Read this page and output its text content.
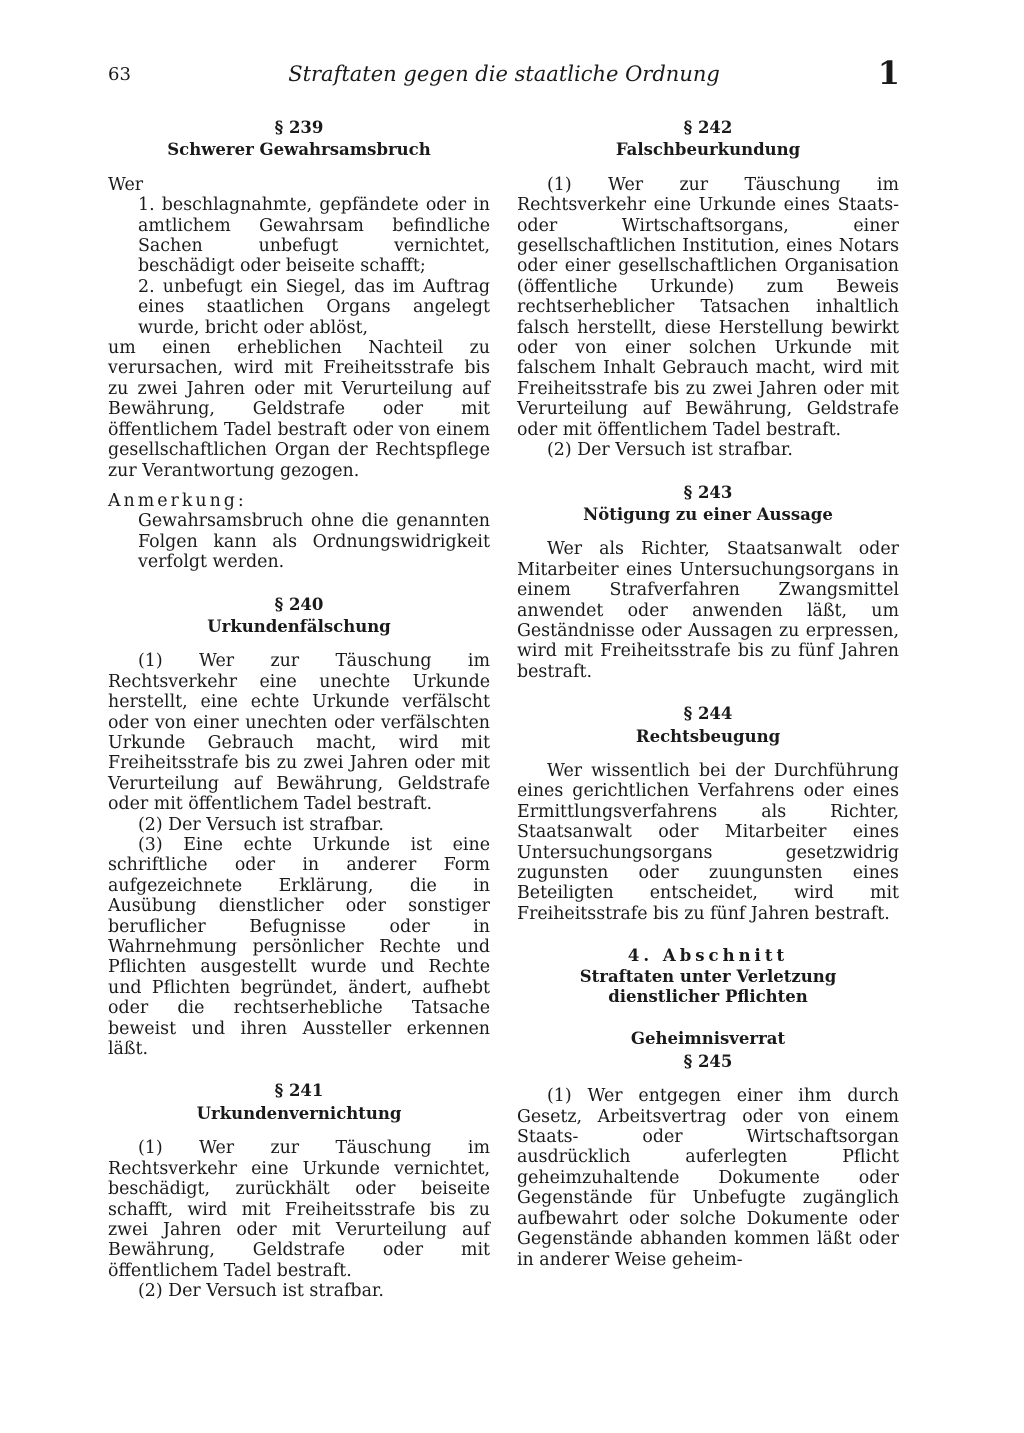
63	Straftaten gegen die staatliche Ordnung	1
§ 239
Schwerer Gewahrsamsbruch

Wer

1. beschlagnahmte, gepfändete oder in amtlichem Gewahrsam befindliche Sachen unbefugt vernichtet, beschädigt oder beiseite schafft;

2. unbefugt ein Siegel, das im Auftrag eines staatlichen Organs angelegt wurde, bricht oder ablöst,

um einen erheblichen Nachteil zu verursachen, wird mit Freiheitsstrafe bis zu zwei Jahren oder mit Verurteilung auf Bewährung, Geldstrafe oder mit öffentlichem Tadel bestraft oder von einem gesellschaftlichen Organ der Rechtspflege zur Verantwortung gezogen.

Anmerkung:

Gewahrsamsbruch ohne die genannten Folgen kann als Ordnungswidrigkeit verfolgt werden.

§ 240
Urkundenfälschung

(1) Wer zur Täuschung im Rechtsverkehr eine unechte Urkunde herstellt, eine echte Urkunde verfälscht oder von einer unechten oder verfälschten Urkunde Gebrauch macht, wird mit Freiheitsstrafe bis zu zwei Jahren oder mit Verurteilung auf Bewährung, Geldstrafe oder mit öffentlichem Tadel bestraft.

(2) Der Versuch ist strafbar.

(3) Eine echte Urkunde ist eine schriftliche oder in anderer Form aufgezeichnete Erklärung, die in Ausübung dienstlicher oder sonstiger beruflicher Befugnisse oder in Wahrnehmung persönlicher Rechte und Pflichten ausgestellt wurde und Rechte und Pflichten begründet, ändert, aufhebt oder die rechtserhebliche Tatsache beweist und ihren Aussteller erkennen läßt.

§ 241
Urkundenvernichtung

(1) Wer zur Täuschung im Rechtsverkehr eine Urkunde vernichtet, beschädigt, zurückhält oder beiseite schafft, wird mit Freiheitsstrafe bis zu zwei Jahren oder mit Verurteilung auf Bewährung, Geldstrafe oder mit öffentlichem Tadel bestraft.

(2) Der Versuch ist strafbar.

§ 242
Falschbeurkundung

(1) Wer zur Täuschung im Rechtsverkehr eine Urkunde eines Staats- oder Wirtschaftsorgans, einer gesellschaftlichen Institution, eines Notars oder einer gesellschaftlichen Organisation (öffentliche Urkunde) zum Beweis rechtserheblicher Tatsachen inhaltlich falsch herstellt, diese Herstellung bewirkt oder von einer solchen Urkunde mit falschem Inhalt Gebrauch macht, wird mit Freiheitsstrafe bis zu zwei Jahren oder mit Verurteilung auf Bewährung, Geldstrafe oder mit öffentlichem Tadel bestraft.

(2) Der Versuch ist strafbar.

§ 243
Nötigung zu einer Aussage

Wer als Richter, Staatsanwalt oder Mitarbeiter eines Untersuchungsorgans in einem Strafverfahren Zwangsmittel anwendet oder anwenden läßt, um Geständnisse oder Aussagen zu erpressen, wird mit Freiheitsstrafe bis zu fünf Jahren bestraft.

§ 244
Rechtsbeugung

Wer wissentlich bei der Durchführung eines gerichtlichen Verfahrens oder eines Ermittlungsverfahrens als Richter, Staatsanwalt oder Mitarbeiter eines Untersuchungsorgans gesetzwidrig zugunsten oder zuungunsten eines Beteiligten entscheidet, wird mit Freiheitsstrafe bis zu fünf Jahren bestraft.

4. Abschnitt
Straftaten unter Verletzung
dienstlicher Pflichten
Geheimnisverrat
§ 245

(1) Wer entgegen einer ihm durch Gesetz, Arbeitsvertrag oder von einem Staats- oder Wirtschaftsorgan ausdrücklich auferlegten Pflicht geheimzuhaltende Dokumente oder Gegenstände für Unbefugte zugänglich aufbewahrt oder solche Dokumente oder Gegenstände abhanden kommen läßt oder in anderer Weise geheim-
